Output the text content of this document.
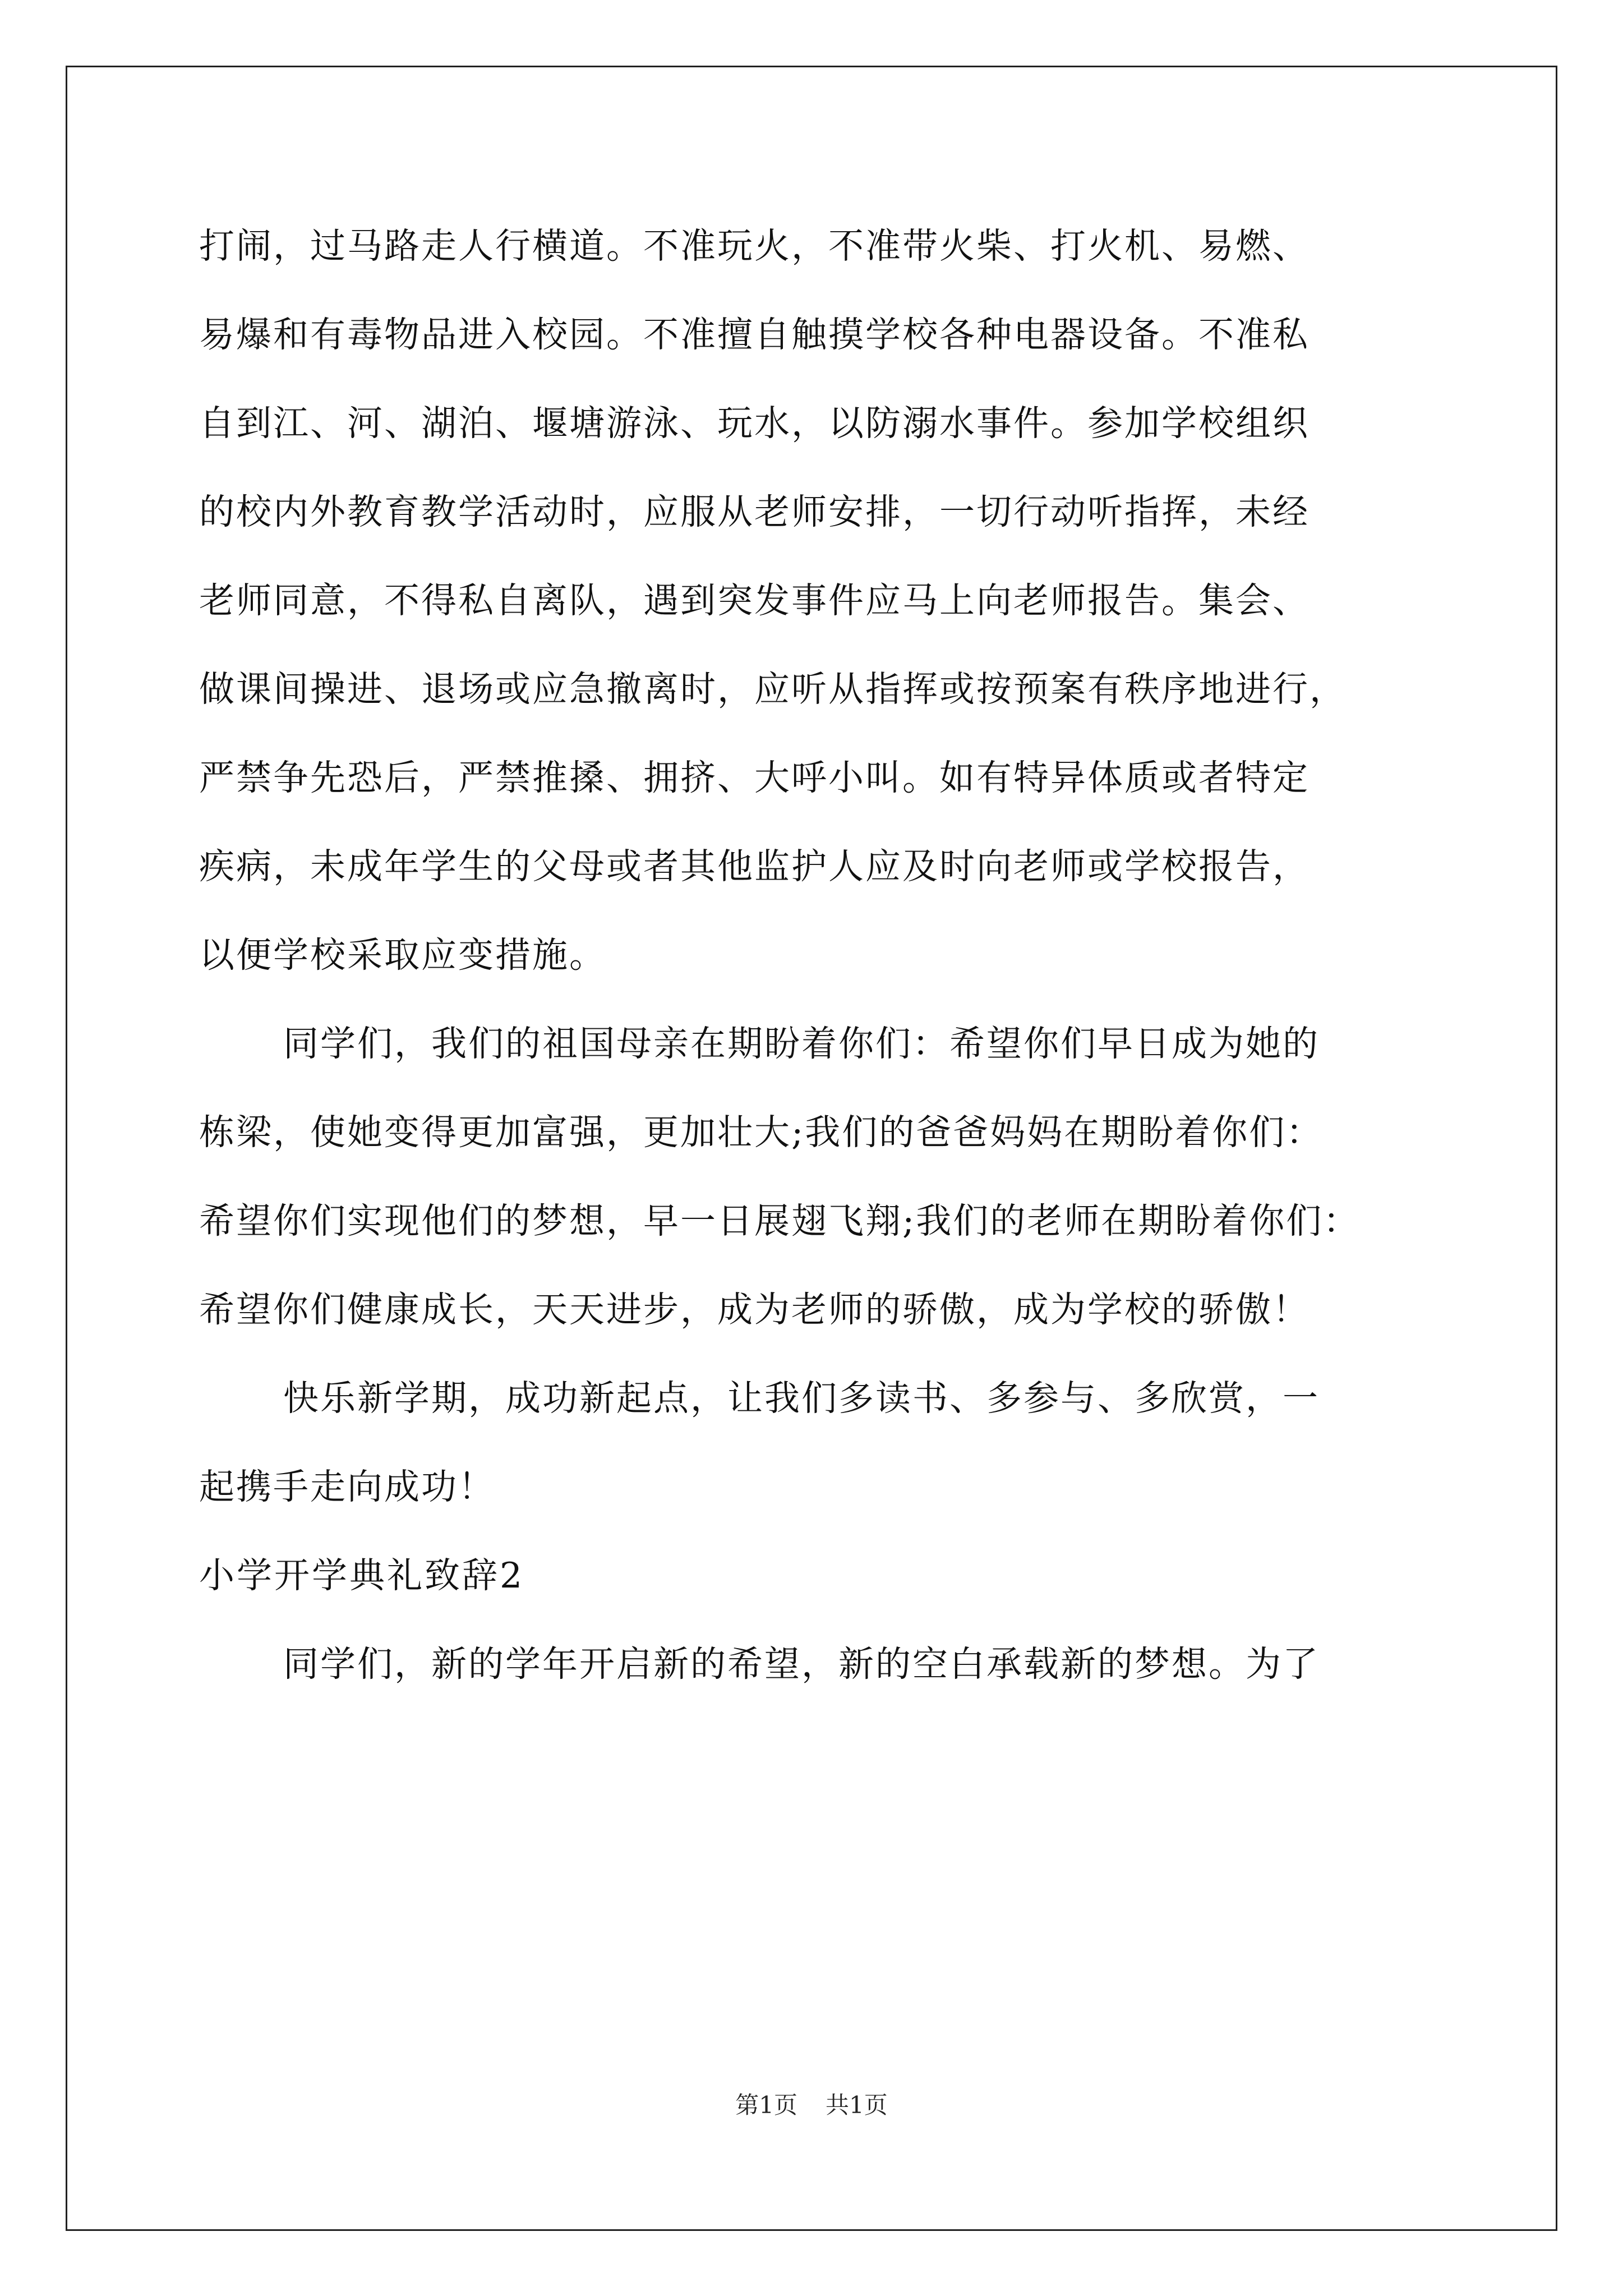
打闹，过马路走人行横道。不准玩火，不准带火柴、打火机、易燃、
易爆和有毒物品进入校园。不准擅自触摸学校各种电器设备。不准私
自到江、河、湖泊、堰塘游泳、玩水，以防溺水事件。参加学校组织
的校内外教育教学活动时，应服从老师安排，一切行动听指挥，未经
老师同意，不得私自离队，遇到突发事件应马上向老师报告。集会、
做课间操进、退场或应急撤离时，应听从指挥或按预案有秩序地进行，
严禁争先恐后，严禁推搡、拥挤、大呼小叫。如有特异体质或者特定
疾病，未成年学生的父母或者其他监护人应及时向老师或学校报告，
以便学校采取应变措施。
同学们，我们的祖国母亲在期盼着你们：希望你们早日成为她的
栋梁，使她变得更加富强，更加壮大;我们的爸爸妈妈在期盼着你们：
希望你们实现他们的梦想，早一日展翅飞翔;我们的老师在期盼着你们：
希望你们健康成长，天天进步，成为老师的骄傲，成为学校的骄傲！
快乐新学期，成功新起点，让我们多读书、多参与、多欣赏，一
起携手走向成功！
小学开学典礼致辞2
同学们，新的学年开启新的希望，新的空白承载新的梦想。为了
第1页 共1页
